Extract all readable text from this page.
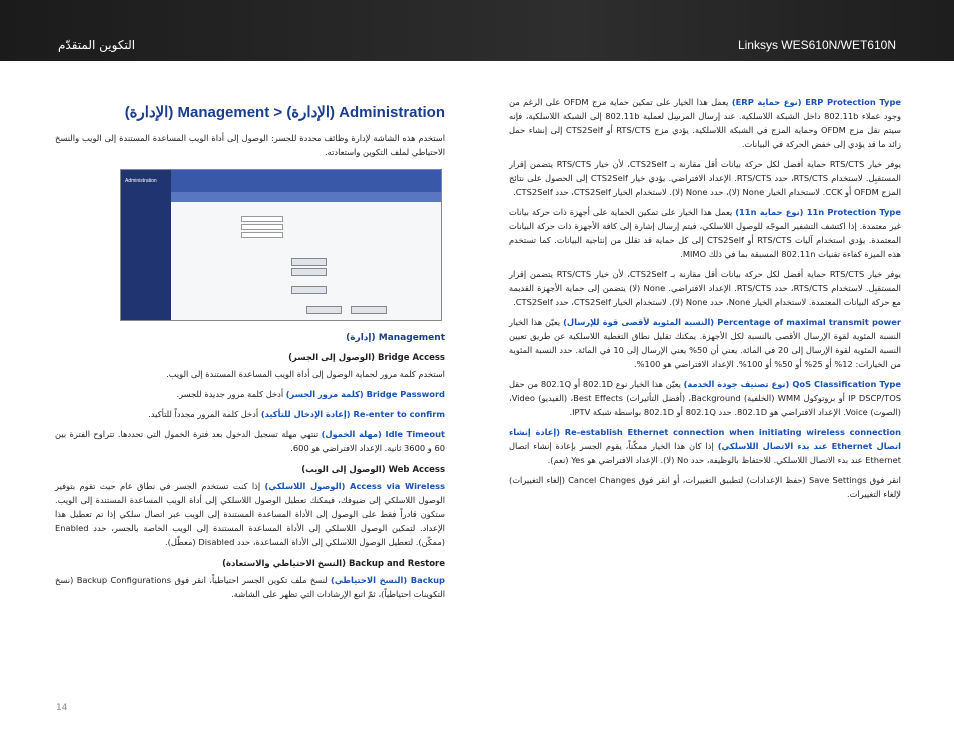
التكوين المتقدّم	Linksys WES610N/WET610N
Administration (الإدارة) < Management (الإدارة)

استخدم هذه الشاشة لإدارة وظائف محددة للجسر: الوصول إلى أداة الويب المساعدة المستندة إلى الويب والنسخ الاحتياطي لملف التكوين واستعادته.

Administration
Management (إدارة)
Bridge Access (الوصول إلى الجسر)

استخدم كلمة مرور لحماية الوصول إلى أداة الويب المساعدة المستندة إلى الويب.

Bridge Password (كلمة مرور الجسر) أدخل كلمة مرور جديدة للجسر.

Re-enter to confirm (إعادة الإدخال للتأكيد) أدخل كلمة المرور مجدداً للتأكيد.

Idle Timeout (مهلة الخمول) تنتهي مهلة تسجيل الدخول بعد فترة الخمول التي تحددها. تتراوح الفترة بين 60 و 3600 ثانية. الإعداد الافتراضي هو 600.

Web Access (الوصول إلى الويب)

Access via Wireless (الوصول اللاسلكي) إذا كنت تستخدم الجسر في نطاق عام حيث تقوم بتوفير الوصول اللاسلكي إلى ضيوفك، فيمكنك تعطيل الوصول اللاسلكي إلى أداة الويب المساعدة المستندة إلى الويب. ستكون قادراً فقط على الوصول إلى الأداة المساعدة المستندة إلى الويب عبر اتصال سلكي إذا تم تعطيل هذا الإعداد. لتمكين الوصول اللاسلكي إلى الأداة المساعدة المستندة إلى الويب الخاصة بالجسر، حدد Enabled (ممكّن). لتعطيل الوصول اللاسلكي إلى الأداة المساعدة، حدد Disabled (معطّل).

Backup and Restore (النسخ الاحتياطي والاستعادة)

Backup (النسخ الاحتياطي) لنسخ ملف تكوين الجسر احتياطياً، انقر فوق Backup Configurations (نسخ التكوينات احتياطياً)، ثمّ اتبع الإرشادات التي تظهر على الشاشة.

ERP Protection Type (نوع حماية ERP) يعمل هذا الخيار على تمكين حماية مزج OFDM على الرغم من وجود عملاء 802.11b داخل الشبكة اللاسلكية. عند إرسال المرسِل لعملية 802.11b إلى الشبكة اللاسلكية، فإنه سيتم نقل مزج OFDM وحماية المزج في الشبكة اللاسلكية. يؤدي مزج RTS/CTS أو CTS2Self إلى إنشاء حمل زائد ما قد يؤدي إلى خفض الحركة في البيانات.

يوفر خيار RTS/CTS حماية أفضل لكل حركة بيانات أقل مقارنة بـ CTS2Self، لأن خيار RTS/CTS يتضمن إقرار المستقبِل. لاستخدام RTS/CTS، حدد RTS/CTS. الإعداد الافتراضي. يؤدي خيار CTS2Self إلى الحصول على نتائج المزج OFDM أو CCK. لاستخدام الخيار None (لا)، حدد None (لا). لاستخدام الخيار CTS2Self، حدد CTS2Self.

11n Protection Type (نوع حماية 11n) يعمل هذا الخيار على تمكين الحماية على أجهزة ذات حركة بيانات غير معتمدة. إذا اكتشف التشفير الموجّه للوصول اللاسلكي، فيتم إرسال إشارة إلى كافة الأجهزة ذات حركة البيانات المعتمدة. يؤدي استخدام آليات RTS/CTS أو CTS2Self إلى كل حماية قد تقلل من إنتاجية البيانات. كما تستخدم هذه الميزة كفاءة تقنيات 802.11n المسبقة بما في ذلك MIMO.

يوفر خيار RTS/CTS حماية أفضل لكل حركة بيانات أقل مقارنة بـ CTS2Self، لأن خيار RTS/CTS يتضمن إقرار المستقبِل. لاستخدام RTS/CTS، حدد RTS/CTS. الإعداد الافتراضي. None (لا) يتضمن إلى حماية الأجهزة القديمة مع حركة البيانات المعتمدة. لاستخدام الخيار None، حدد None (لا). لاستخدام الخيار CTS2Self، حدد CTS2Self.

Percentage of maximal transmit power (النسبة المئوية لأقصى قوة للإرسال) يعيّن هذا الخيار النسبة المئوية لقوة الإرسال الأقصى بالنسبة لكل الأجهزة. يمكنك تقليل نطاق التغطية اللاسلكية عن طريق تعيين النسبة المئوية لقوة الإرسال إلى 20 في المائة. يعني أن 50% يعني الإرسال إلى 10 في المائة. حدد النسبة المئوية من الخيارات: 12% أو 25% أو 50% أو 100%. الإعداد الافتراضي هو 100%.

QoS Classification Type (نوع تصنيف جودة الخدمة) يعيّن هذا الخيار نوع 802.1D أو 802.1Q من حقل IP DSCP/TOS أو بروتوكول WMM (الخلفية) Background، (أفضل التأثيرات) Best Effects، (الفيديو) Video، (الصوت) Voice. الإعداد الافتراضي هو 802.1D. حدد 802.1Q أو 802.1D بواسطة شبكة IPTV.

Re-establish Ethernet connection when initiating wireless connection (إعادة إنشاء اتصال Ethernet عند بدء الاتصال اللاسلكي) إذا كان هذا الخيار ممكّناً، يقوم الجسر بإعادة إنشاء اتصال Ethernet عند بدء الاتصال اللاسلكي. للاحتفاظ بالوظيفة، حدد No (لا). الإعداد الافتراضي هو Yes (نعم).

انقر فوق Save Settings (حفظ الإعدادات) لتطبيق التغييرات، أو انقر فوق Cancel Changes (إلغاء التغييرات) لإلغاء التغييرات.

14
